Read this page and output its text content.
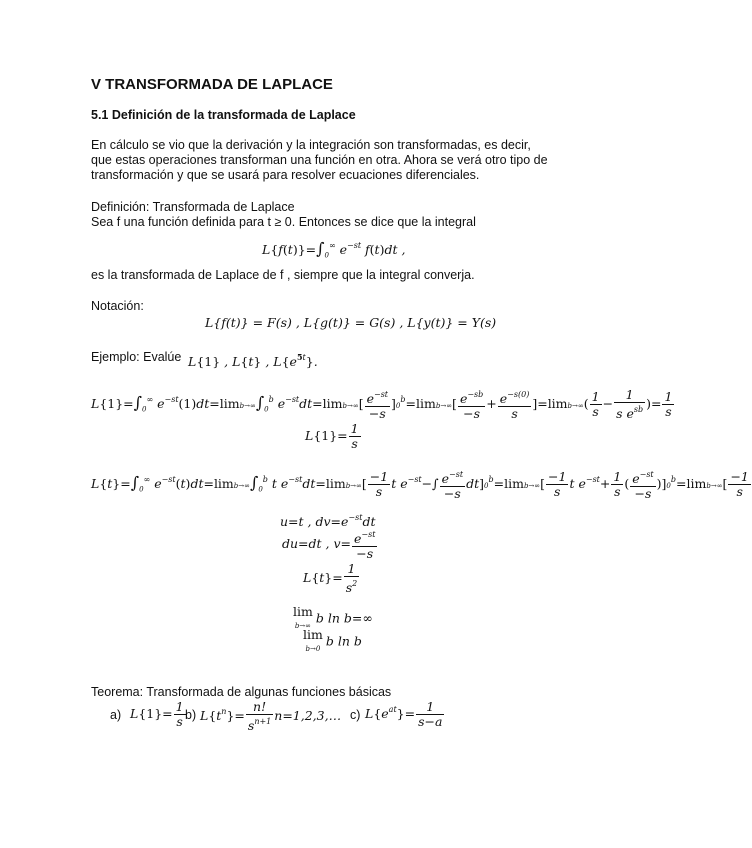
V TRANSFORMADA DE LAPLACE
5.1 Definición de la transformada de Laplace
En cálculo se vio que la derivación y la integración son transformadas, es decir,
que estas operaciones transforman una función en otra. Ahora se verá otro tipo de
transformación y que se usará para resolver ecuaciones diferenciales.
Definición: Transformada de Laplace
Sea f una función definida para t ≥ 0. Entonces se dice que la integral
$L\{f(t)\}=\int_0^\infty$ $e^{-st}$ f(t)dt ,
es la transformada de Laplace de f , siempre que la integral converja.
Notación:
L{f(t)} = F(s) , L{g(t)} = G(s) , L{y(t)} = Y(s)
Ejemplo: Evalúe L{1} , L{t} , $L\{e^{5t}\}$.
$L\{1\}=\int_0^\infty$ $e^{-st}(1)dt=\lim b\to\infty\int_0^b$ $e^{-st}dt=\lim b\to\infty[ \frac{e^{-st}}{-s} ]0^b=\lim b\to\infty[ \frac{e^{-sb}}{-s} + \frac{e^{-s(0)}}{s} ]=\lim b\to\infty( \frac{1}{s} - \frac{1}{s e^{sb}}$ )= $\frac{1}{s}$
$L\{1\}= \frac{1}{s}$
$L\{t\}=\int_0^\infty$ $e^{-st}(t)dt=\lim b\to\infty\int_0^b$ t $e^{-st}dt=\lim b\to\infty[ \frac{-1}{s}$ t $e^{-st}-\int \frac{e^{-st}}{-s} dt]0^b=\lim b\to\infty[ \frac{-1}{s}$ t $e^{-st}+ \frac{1}{s}$ ( $\frac{e^{-st}}{-s} )]0^b=\lim b\to\infty[ \frac{-1}{s}$
u=t , $dv=e^{-st}dt$
du=dt , $v= \frac{e^{-st}}{-s}$
$L\{t\}= \frac{1}{s^2}$
lim
b→∞
b ln b=∞
lim
b→0
b ln b
Teorema: Transformada de algunas funciones básicas
a) $L\{1\}= \frac{1}{s} b$) $L\{t^n\}= \frac{n!}{s^{n+1}}$ n=1,2,3,… c) $L\{e^{at}\}= \frac{1}{s-a}$
